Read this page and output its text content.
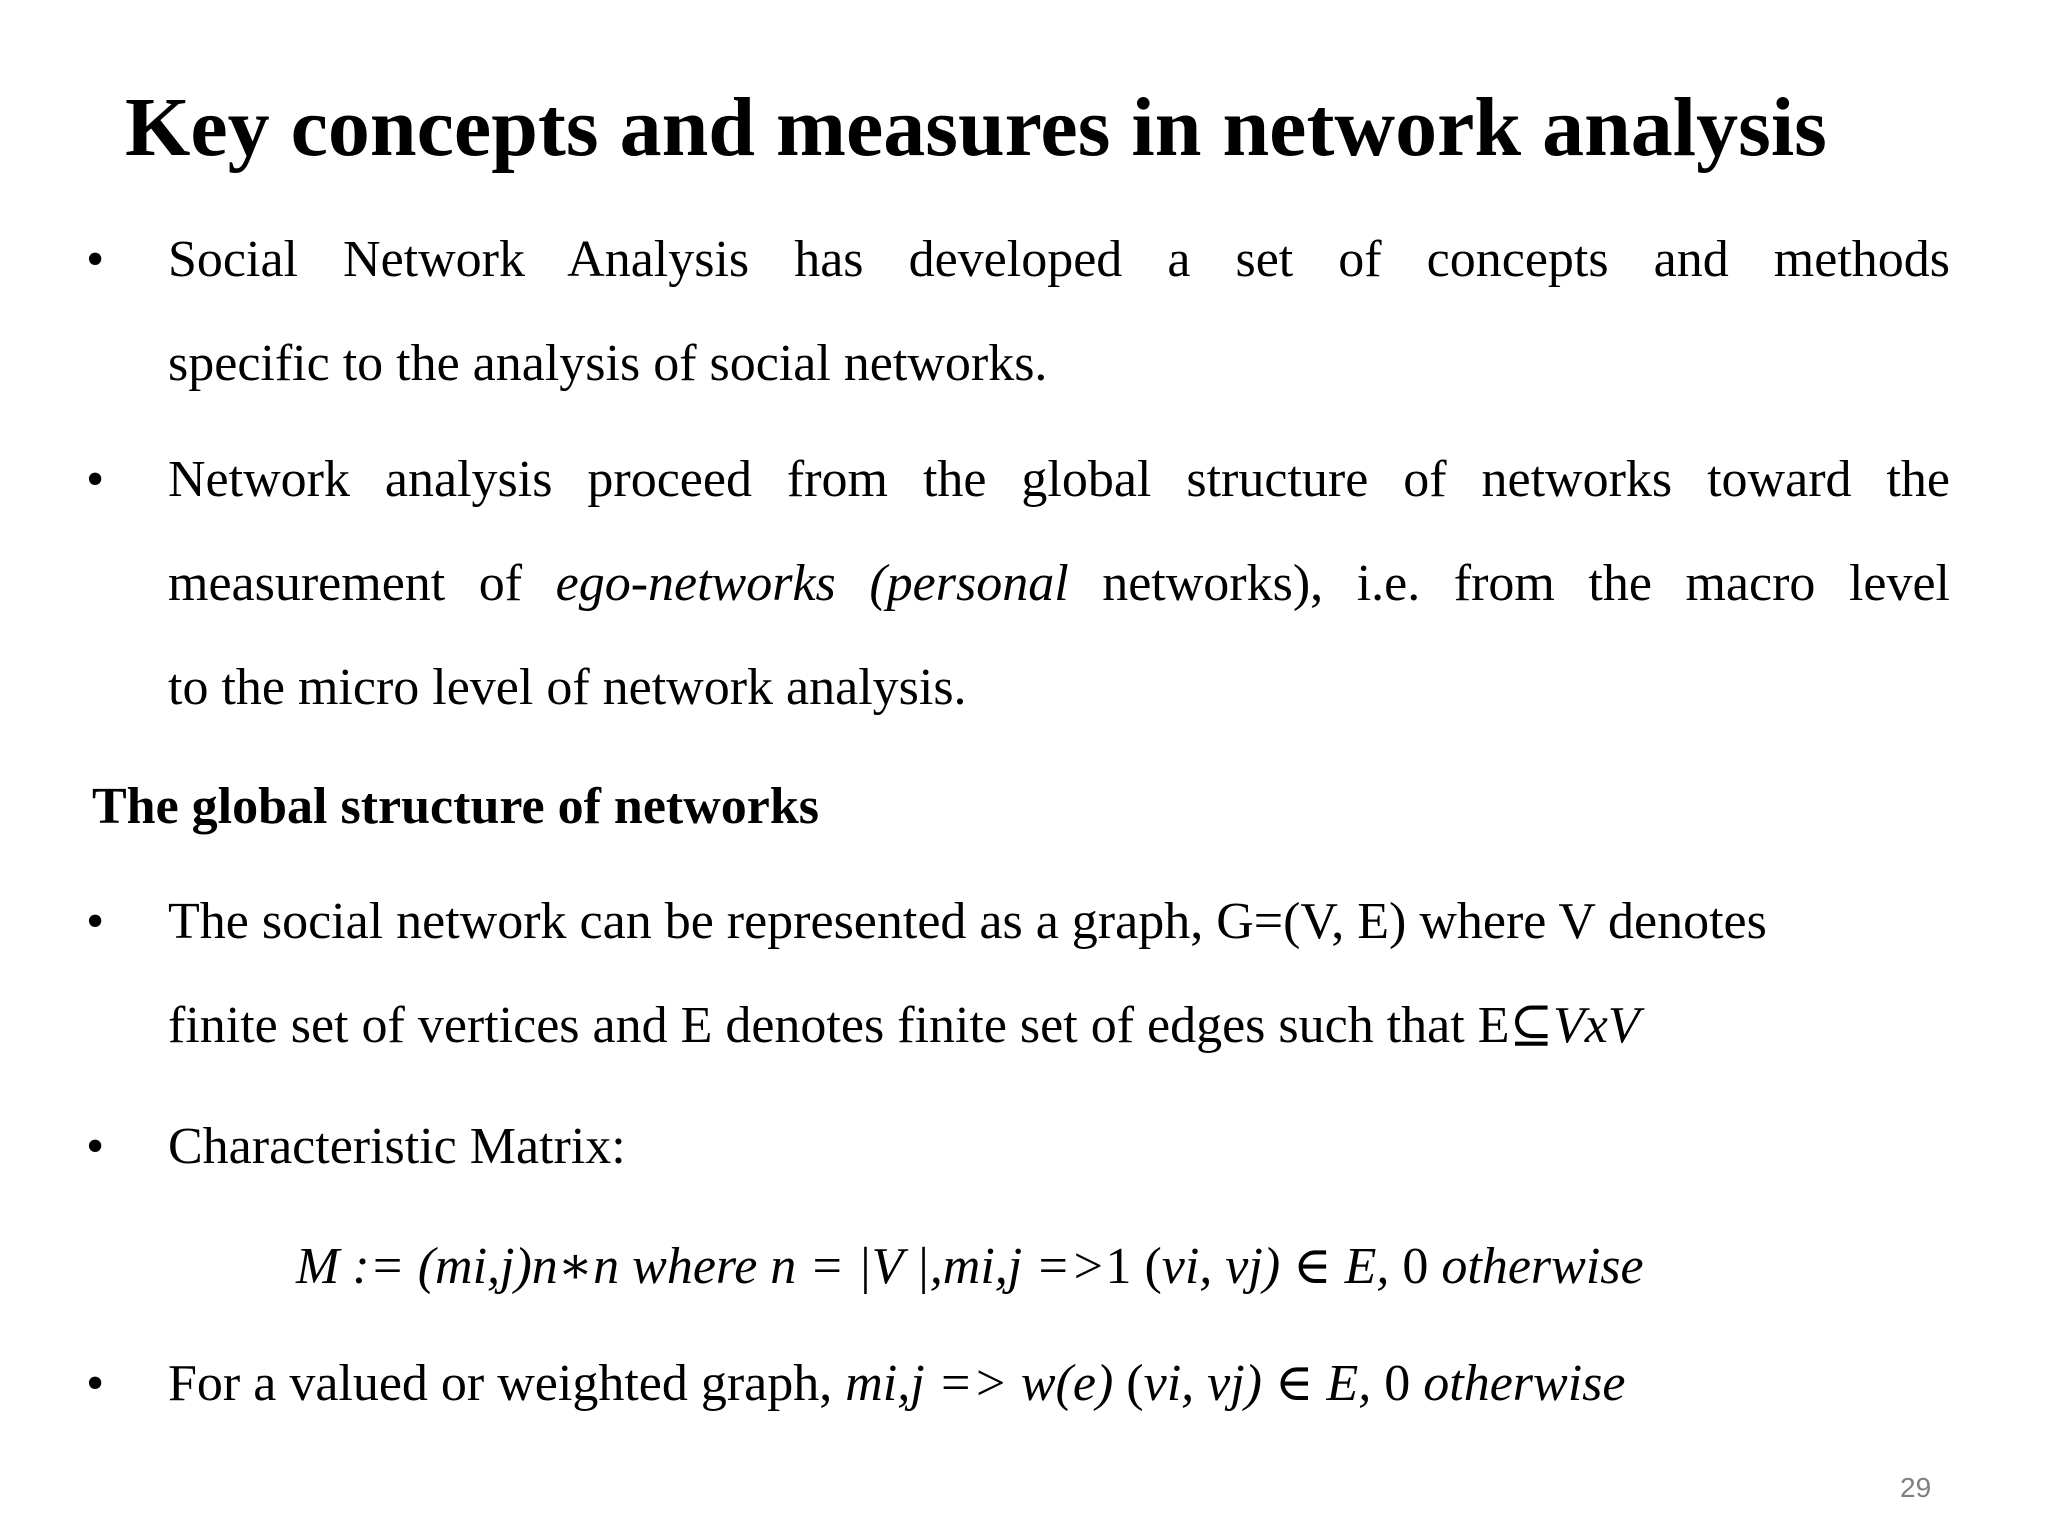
Key concepts and measures in network analysis
•	Social Network Analysis has developed a set of concepts and methods
specific to the analysis of social networks.
•	Network analysis proceed from the global structure of networks toward the
measurement of ego-networks (personal networks), i.e. from the macro level
to the micro level of network analysis.
The global structure of networks
•	The social network can be represented as a graph, G=(V, E) where V denotes
finite set of vertices and E denotes finite set of edges such that E⊆VxV
•	Characteristic Matrix:
M := (mi,j)n∗n where n = |V |,mi,j =>1 (vi, vj) ∈ E, 0 otherwise
•	For a valued or weighted graph, mi,j => w(e) (vi, vj) ∈ E, 0 otherwise
29
